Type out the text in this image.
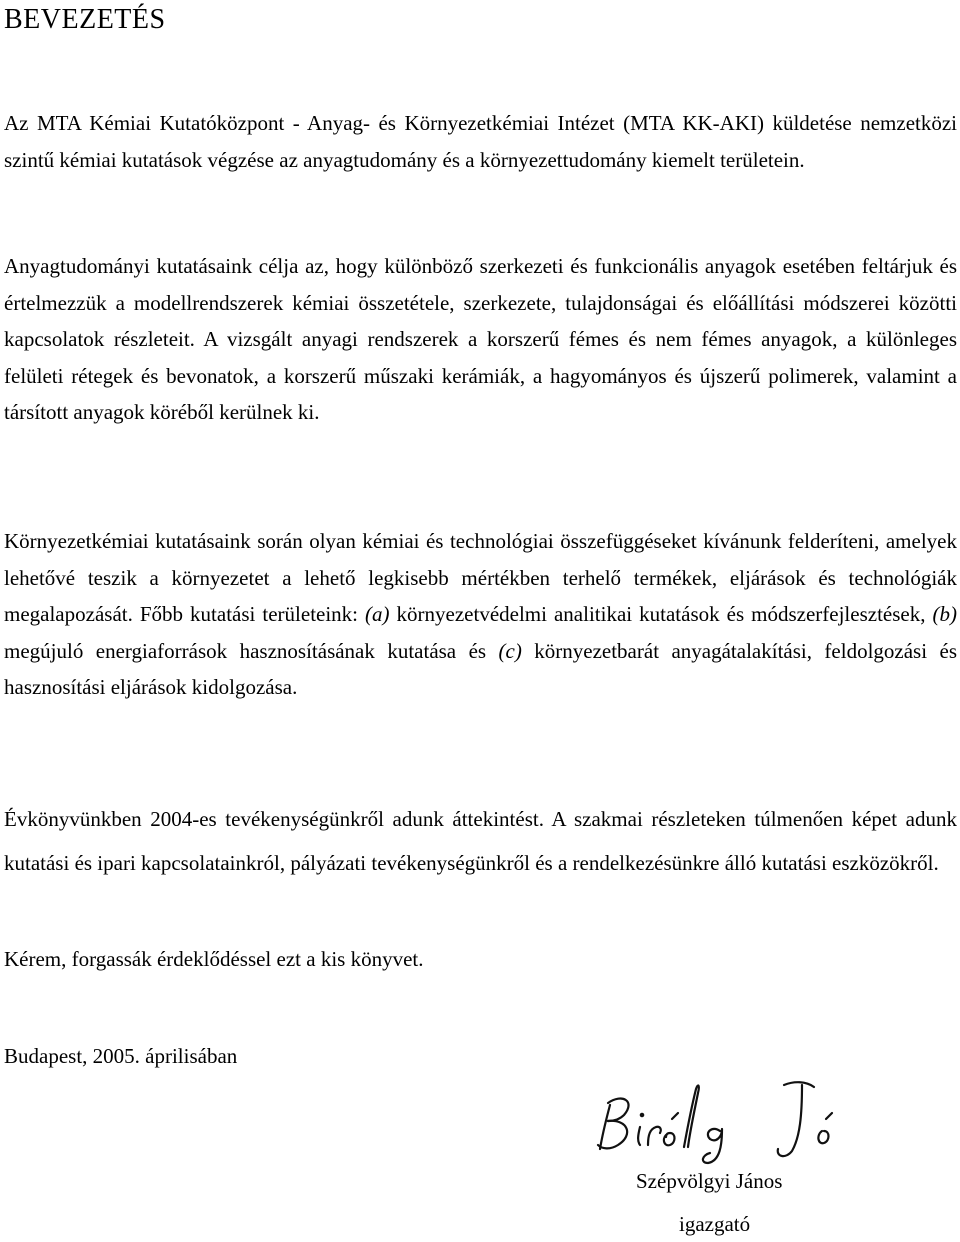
BEVEZETÉS

Az MTA Kémiai Kutatóközpont - Anyag- és Környezetkémiai Intézet (MTA KK-AKI) küldetése nemzetközi szintű kémiai kutatások végzése az anyagtudomány és a környezettudomány kiemelt területein.

Anyagtudományi kutatásaink célja az, hogy különböző szerkezeti és funkcionális anyagok esetében feltárjuk és értelmezzük a modellrendszerek kémiai összetétele, szerkezete, tulajdonságai és előállítási módszerei közötti kapcsolatok részleteit. A vizsgált anyagi rendszerek a korszerű fémes és nem fémes anyagok, a különleges felületi rétegek és bevonatok, a korszerű műszaki kerámiák, a hagyományos és újszerű polimerek, valamint a társított anyagok köréből kerülnek ki.

Környezetkémiai kutatásaink során olyan kémiai és technológiai összefüggéseket kívánunk felderíteni, amelyek lehetővé teszik a környezetet a lehető legkisebb mértékben terhelő termékek, eljárások és technológiák megalapozását. Főbb kutatási területeink: (a) környezetvédelmi analitikai kutatások és módszerfejlesztések, (b) megújuló energiaforrások hasznosításának kutatása és (c) környezetbarát anyagátalakítási, feldolgozási és hasznosítási eljárások kidolgozása.

Évkönyvünkben 2004-es tevékenységünkről adunk áttekintést. A szakmai részleteken túlmenően képet adunk kutatási és ipari kapcsolatainkról, pályázati tevékenységünkről és a rendelkezésünkre álló kutatási eszközökről.

Kérem, forgassák érdeklődéssel ezt a kis könyvet.

Budapest, 2005. áprilisában

Szépvölgyi János

igazgató
